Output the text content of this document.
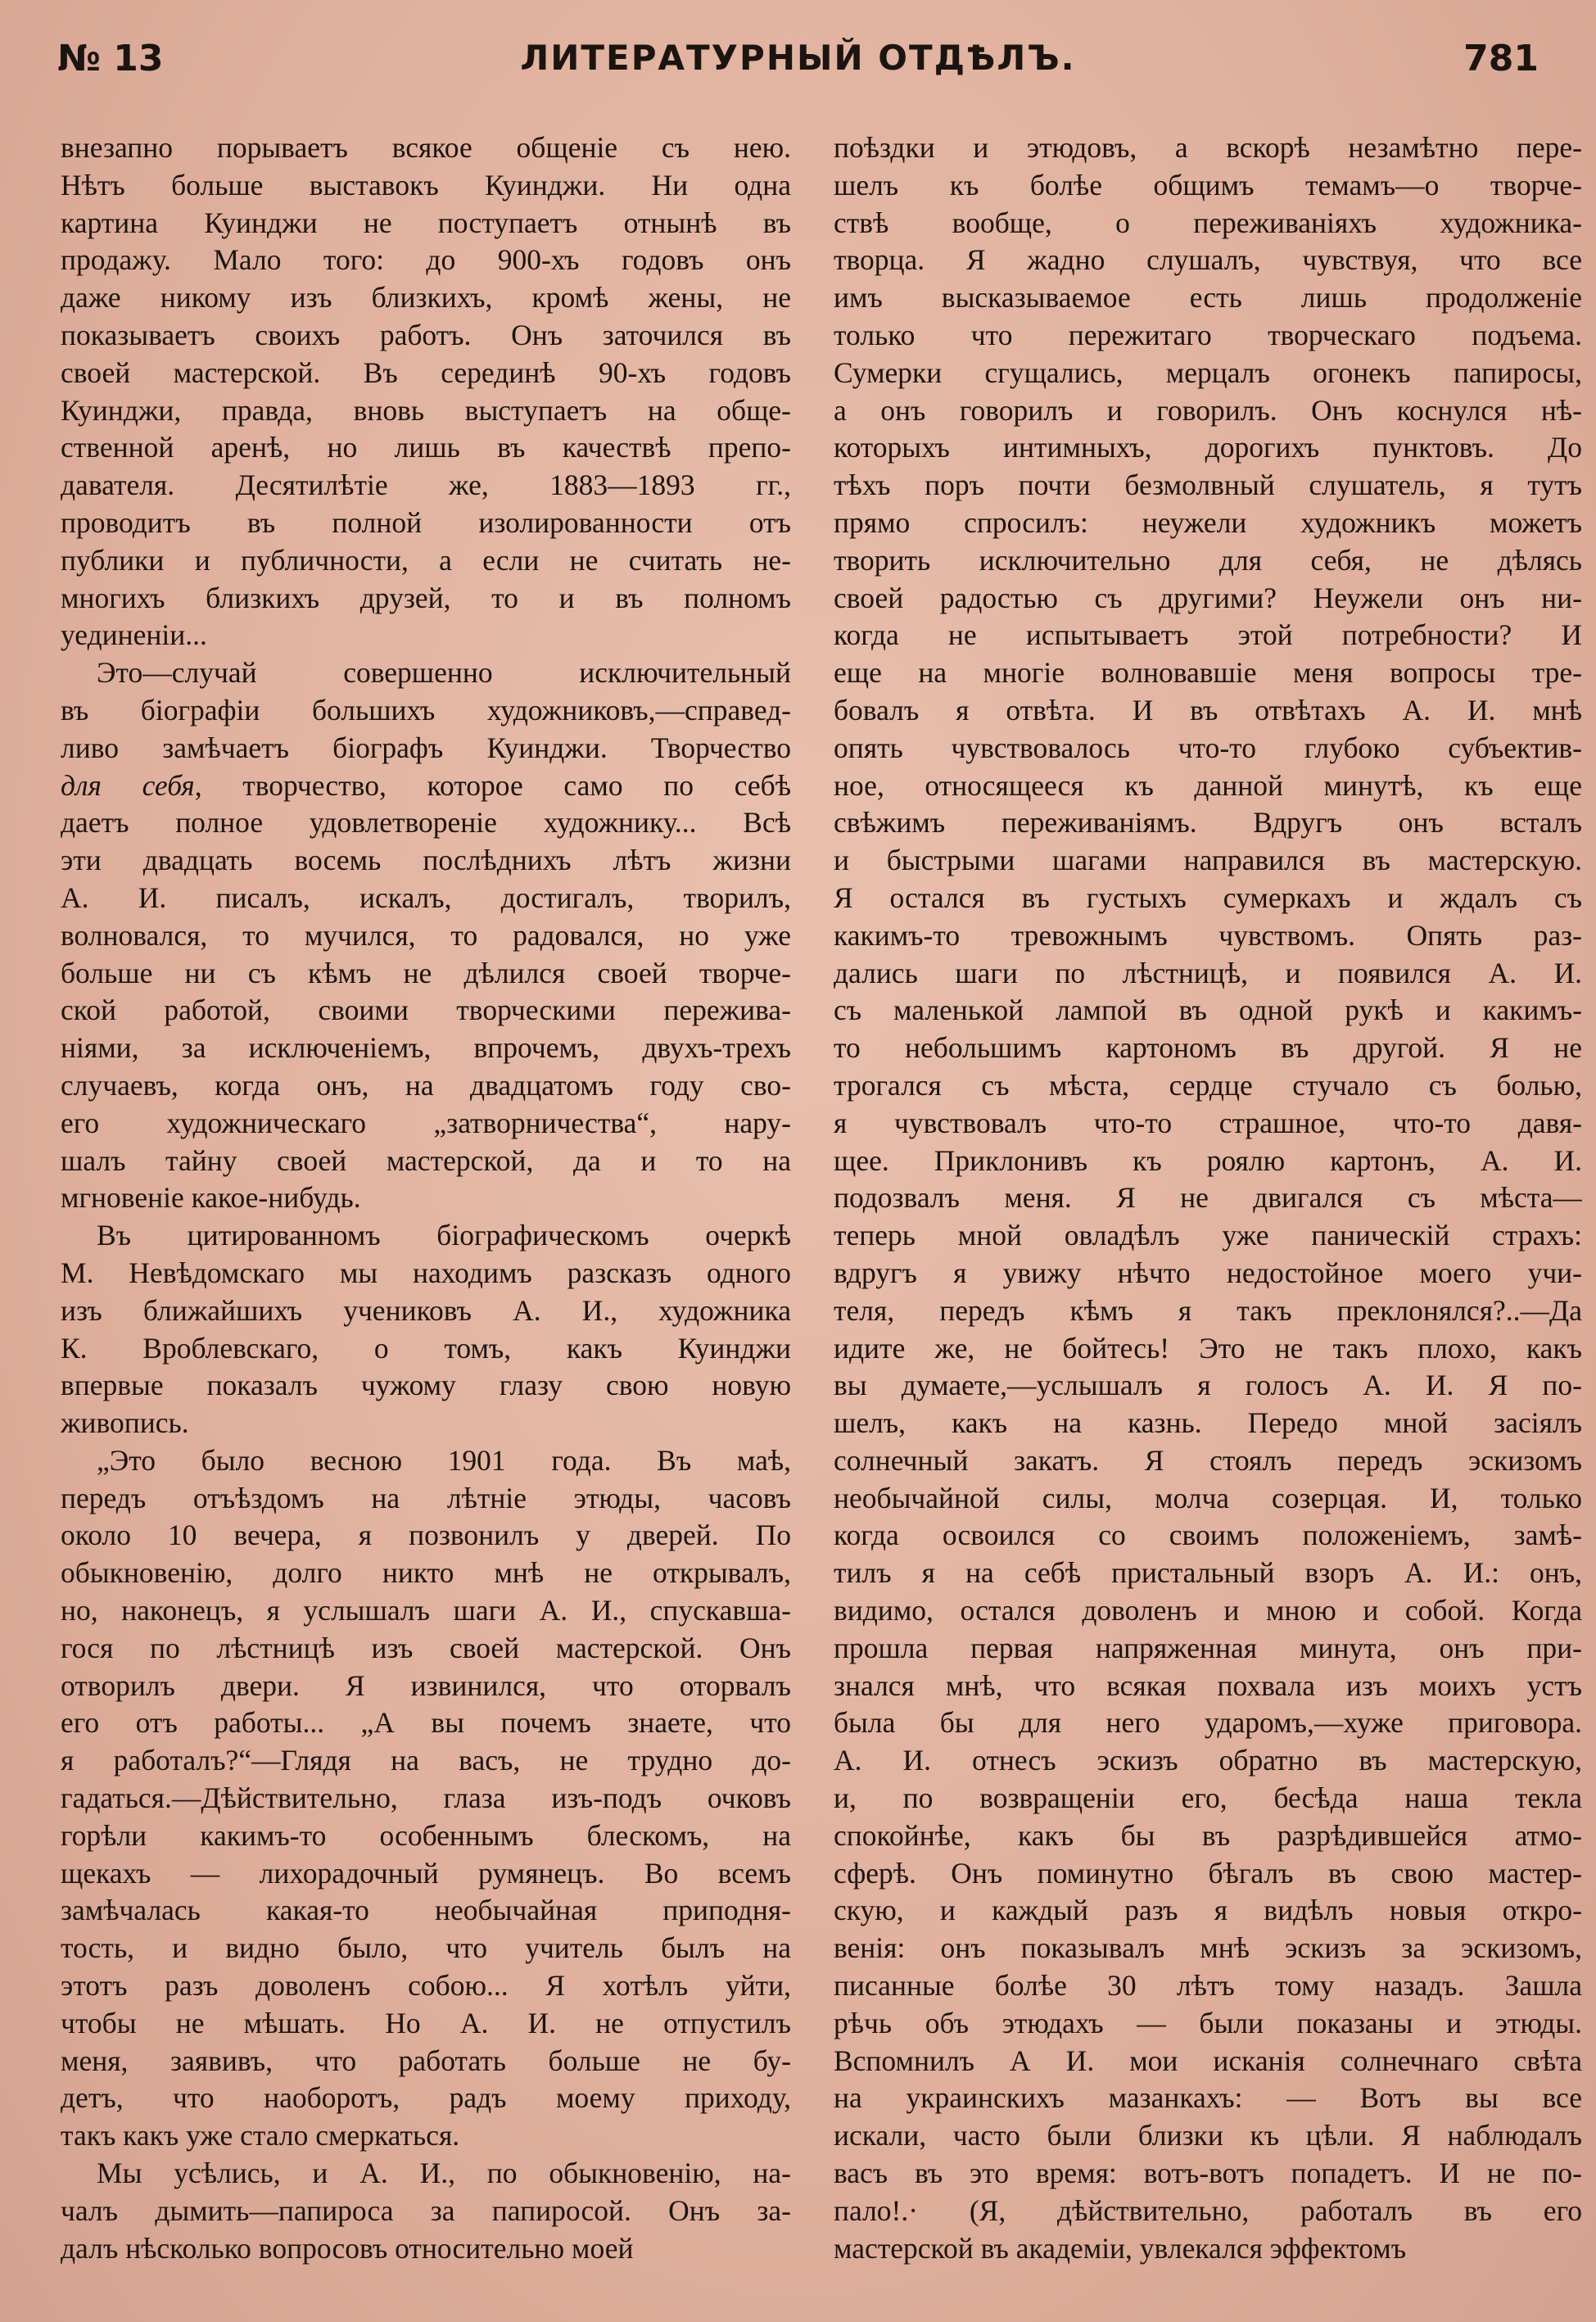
№ 13	ЛИТЕРАТУРНЫЙ ОТДѢЛЪ.	781
внезапно порываетъ всякое общеніе съ нею.
Нѣтъ больше выставокъ Куинджи. Ни одна
картина Куинджи не поступаетъ отнынѣ въ
продажу. Мало того: до 900-хъ годовъ онъ
даже никому изъ близкихъ, кромѣ жены, не
показываетъ своихъ работъ. Онъ заточился въ
своей мастерской. Въ серединѣ 90-хъ годовъ
Куинджи, правда, вновь выступаетъ на обще-
ственной аренѣ, но лишь въ качествѣ препо-
давателя. Десятилѣтіе же, 1883—1893 гг.,
проводитъ въ полной изолированности отъ
публики и публичности, а если не считать не-
многихъ близкихъ друзей, то и въ полномъ
уединеніи...
Это—случай совершенно исключительный
въ біографіи большихъ художниковъ,—справед-
ливо замѣчаетъ біографъ Куинджи. Творчество
для себя, творчество, которое само по себѣ
даетъ полное удовлетвореніе художнику... Всѣ
эти двадцать восемь послѣднихъ лѣтъ жизни
А. И. писалъ, искалъ, достигалъ, творилъ,
волновался, то мучился, то радовался, но уже
больше ни съ кѣмъ не дѣлился своей творче-
ской работой, своими творческими пережива-
ніями, за исключеніемъ, впрочемъ, двухъ-трехъ
случаевъ, когда онъ, на двадцатомъ году сво-
его художническаго „затворничества“, нару-
шалъ тайну своей мастерской, да и то на
мгновеніе какое-нибудь.
Въ цитированномъ біографическомъ очеркѣ
М. Невѣдомскаго мы находимъ разсказъ одного
изъ ближайшихъ учениковъ А. И., художника
К. Вроблевскаго, о томъ, какъ Куинджи
впервые показалъ чужому глазу свою новую
живопись.
„Это было весною 1901 года. Въ маѣ,
передъ отъѣздомъ на лѣтніе этюды, часовъ
около 10 вечера, я позвонилъ у дверей. По
обыкновенію, долго никто мнѣ не открывалъ,
но, наконецъ, я услышалъ шаги А. И., спускавша-
гося по лѣстницѣ изъ своей мастерской. Онъ
отворилъ двери. Я извинился, что оторвалъ
его отъ работы... „А вы почемъ знаете, что
я работалъ?“—Глядя на васъ, не трудно до-
гадаться.—Дѣйствительно, глаза изъ-подъ очковъ
горѣли какимъ-то особеннымъ блескомъ, на
щекахъ — лихорадочный румянецъ. Во всемъ
замѣчалась какая-то необычайная приподня-
тость, и видно было, что учитель былъ на
этотъ разъ доволенъ собою... Я хотѣлъ уйти,
чтобы не мѣшать. Но А. И. не отпустилъ
меня, заявивъ, что работать больше не бу-
детъ, что наоборотъ, радъ моему приходу,
такъ какъ уже стало смеркаться.
Мы усѣлись, и А. И., по обыкновенію, на-
чалъ дымить—папироса за папиросой. Онъ за-
далъ нѣсколько вопросовъ относительно моей
поѣздки и этюдовъ, а вскорѣ незамѣтно пере-
шелъ къ болѣе общимъ темамъ—о творче-
ствѣ вообще, о переживаніяхъ художника-
творца. Я жадно слушалъ, чувствуя, что все
имъ высказываемое есть лишь продолженіе
только что пережитаго творческаго подъема.
Сумерки сгущались, мерцалъ огонекъ папиросы,
а онъ говорилъ и говорилъ. Онъ коснулся нѣ-
которыхъ интимныхъ, дорогихъ пунктовъ. До
тѣхъ поръ почти безмолвный слушатель, я тутъ
прямо спросилъ: неужели художникъ можетъ
творить исключительно для себя, не дѣлясь
своей радостью съ другими? Неужели онъ ни-
когда не испытываетъ этой потребности? И
еще на многіе волновавшіе меня вопросы тре-
бовалъ я отвѣта. И въ отвѣтахъ А. И. мнѣ
опять чувствовалось что-то глубоко субъектив-
ное, относящееся къ данной минутѣ, къ еще
свѣжимъ переживаніямъ. Вдругъ онъ всталъ
и быстрыми шагами направился въ мастерскую.
Я остался въ густыхъ сумеркахъ и ждалъ съ
какимъ-то тревожнымъ чувствомъ. Опять раз-
дались шаги по лѣстницѣ, и появился А. И.
съ маленькой лампой въ одной рукѣ и какимъ-
то небольшимъ картономъ въ другой. Я не
трогался съ мѣста, сердце стучало съ болью,
я чувствовалъ что-то страшное, что-то давя-
щее. Приклонивъ къ роялю картонъ, А. И.
подозвалъ меня. Я не двигался съ мѣста—
теперь мной овладѣлъ уже паническій страхъ:
вдругъ я увижу нѣчто недостойное моего учи-
теля, передъ кѣмъ я такъ преклонялся?..—Да
идите же, не бойтесь! Это не такъ плохо, какъ
вы думаете,—услышалъ я голосъ А. И. Я по-
шелъ, какъ на казнь. Передо мной засіялъ
солнечный закатъ. Я стоялъ передъ эскизомъ
необычайной силы, молча созерцая. И, только
когда освоился со своимъ положеніемъ, замѣ-
тилъ я на себѣ пристальный взоръ А. И.: онъ,
видимо, остался доволенъ и мною и собой. Когда
прошла первая напряженная минута, онъ при-
знался мнѣ, что всякая похвала изъ моихъ устъ
была бы для него ударомъ,—хуже приговора.
А. И. отнесъ эскизъ обратно въ мастерскую,
и, по возвращеніи его, бесѣда наша текла
спокойнѣе, какъ бы въ разрѣдившейся атмо-
сферѣ. Онъ поминутно бѣгалъ въ свою мастер-
скую, и каждый разъ я видѣлъ новыя откро-
венія: онъ показывалъ мнѣ эскизъ за эскизомъ,
писанные болѣе 30 лѣтъ тому назадъ. Зашла
рѣчь объ этюдахъ — были показаны и этюды.
Вспомнилъ А И. мои исканія солнечнаго свѣта
на украинскихъ мазанкахъ: — Вотъ вы все
искали, часто были близки къ цѣли. Я наблюдалъ
васъ въ это время: вотъ-вотъ попадетъ. И не по-
пало!.· (Я, дѣйствительно, работалъ въ его
мастерской въ академіи, увлекался эффектомъ
